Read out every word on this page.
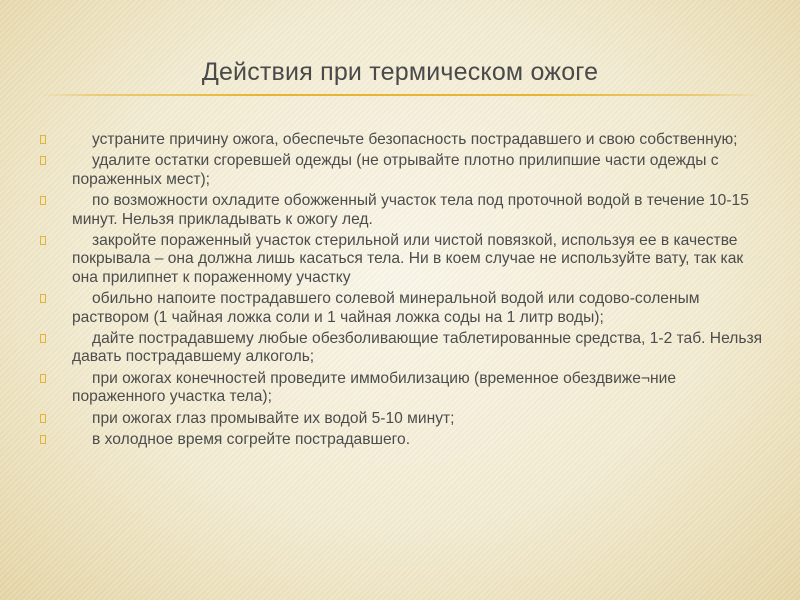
Действия при термическом ожоге
устраните причину ожога, обеспечьте безопасность пострадавшего и свою собственную;
удалите остатки сгоревшей одежды (не отрывайте плотно прилипшие части одежды с пораженных мест);
по возможности охладите обожженный участок тела под проточной водой в течение 10-15 минут. Нельзя прикладывать к ожогу лед.
закройте пораженный участок стерильной или чистой повязкой, используя ее в качестве покрывала – она должна лишь касаться тела. Ни в коем случае не используйте вату, так как она прилипнет к пораженному участку
обильно напоите пострадавшего солевой минеральной водой или содово-соленым раствором (1 чайная ложка соли и 1 чайная ложка соды на 1 литр воды);
дайте пострадавшему любые обезболивающие таблетированные средства, 1-2 таб. Нельзя давать пострадавшему алкоголь;
при ожогах конечностей проведите иммобилизацию (временное обездвиже¬ние пораженного участка тела);
при ожогах глаз промывайте их водой 5-10 минут;
в холодное время согрейте пострадавшего.
